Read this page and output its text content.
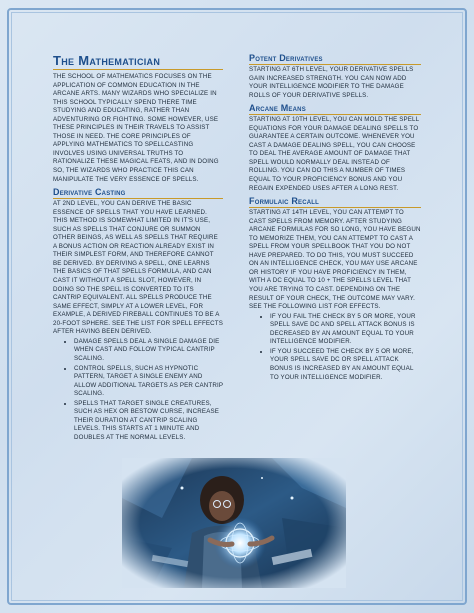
The Mathematician

THE SCHOOL OF MATHEMATICS FOCUSES ON THE APPLICATION OF COMMON EDUCATION IN THE ARCANE ARTS. MANY WIZARDS WHO SPECIALIZE IN THIS SCHOOL TYPICALLY SPEND THERE TIME STUDYING AND EDUCATING, RATHER THAN ADVENTURING OR FIGHTING. SOME HOWEVER, USE THESE PRINCIPLES IN THEIR TRAVELS TO ASSIST THOSE IN NEED. THE CORE PRINCIPLES OF APPLYING MATHEMATICS TO SPELLCASTING INVOLVES USING UNIVERSAL TRUTHS TO RATIONALIZE THESE MAGICAL FEATS, AND IN DOING SO, THE WIZARDS WHO PRACTICE THIS CAN MANIPULATE THE VERY ESSENCE OF SPELLS.

Derivative Casting

AT 2ND LEVEL, YOU CAN DERIVE THE BASIC ESSENCE OF SPELLS THAT YOU HAVE LEARNED. THIS METHOD IS SOMEWHAT LIMITED IN IT'S USE, SUCH AS SPELLS THAT CONJURE OR SUMMON OTHER BEINGS, AS WELL AS SPELLS THAT REQUIRE A BONUS ACTION OR REACTION ALREADY EXIST IN THEIR SIMPLEST FORM, AND THEREFORE CANNOT BE DERIVED. BY DERIVING A SPELL, ONE LEARNS THE BASICS OF THAT SPELLS FORMULA, AND CAN CAST IT WITHOUT A SPELL SLOT, HOWEVER, IN DOING SO THE SPELL IS CONVERTED TO ITS CANTRIP EQUIVALENT. ALL SPELLS PRODUCE THE SAME EFFECT, SIMPLY AT A LOWER LEVEL, FOR EXAMPLE, A DERIVED FIREBALL CONTINUES TO BE A 20-FOOT SPHERE. SEE THE LIST FOR SPELL EFFECTS AFTER HAVING BEEN DERIVED.

• DAMAGE SPELLS DEAL A SINGLE DAMAGE DIE WHEN CAST AND FOLLOW TYPICAL CANTRIP SCALING.
• CONTROL SPELLS, SUCH AS HYPNOTIC PATTERN, TARGET A SINGLE ENEMY AND ALLOW ADDITIONAL TARGETS AS PER CANTRIP SCALING.
• SPELLS THAT TARGET SINGLE CREATURES, SUCH AS HEX OR BESTOW CURSE, INCREASE THEIR DURATION AT CANTRIP SCALING LEVELS. THIS STARTS AT 1 MINUTE AND DOUBLES AT THE NORMAL LEVELS.
Potent Derivatives

STARTING AT 6TH LEVEL, YOUR DERIVATIVE SPELLS GAIN INCREASED STRENGTH. YOU CAN NOW ADD YOUR INTELLIGENCE MODIFIER TO THE DAMAGE ROLLS OF YOUR DERIVATIVE SPELLS.

Arcane Means

STARTING AT 10TH LEVEL, YOU CAN MOLD THE SPELL EQUATIONS FOR YOUR DAMAGE DEALING SPELLS TO GUARANTEE A CERTAIN OUTCOME. WHENEVER YOU CAST A DAMAGE DEALING SPELL, YOU CAN CHOOSE TO DEAL THE AVERAGE AMOUNT OF DAMAGE THAT SPELL WOULD NORMALLY DEAL INSTEAD OF ROLLING. YOU CAN DO THIS A NUMBER OF TIMES EQUAL TO YOUR PROFICIENCY BONUS AND YOU REGAIN EXPENDED USES AFTER A LONG REST.

Formulaic Recall

STARTING AT 14TH LEVEL, YOU CAN ATTEMPT TO CAST SPELLS FROM MEMORY. AFTER STUDYING ARCANE FORMULAS FOR SO LONG, YOU HAVE BEGUN TO MEMORIZE THEM, YOU CAN ATTEMPT TO CAST A SPELL FROM YOUR SPELLBOOK THAT YOU DO NOT HAVE PREPARED. TO DO THIS, YOU MUST SUCCEED ON AN INTELLIGENCE CHECK, YOU MAY USE ARCANE OR HISTORY IF YOU HAVE PROFICIENCY IN THEM, WITH A DC EQUAL TO 10 + THE SPELLS LEVEL THAT YOU ARE TRYING TO CAST. DEPENDING ON THE RESULT OF YOUR CHECK, THE OUTCOME MAY VARY. SEE THE FOLLOWING LIST FOR EFFECTS.

• IF YOU FAIL THE CHECK BY 5 OR MORE, YOUR SPELL SAVE DC AND SPELL ATTACK BONUS IS DECREASED BY AN AMOUNT EQUAL TO YOUR INTELLIGENCE MODIFIER.
• IF YOU SUCCEED THE CHECK BY 5 OR MORE, YOUR SPELL SAVE DC OR SPELL ATTACK BONUS IS INCREASED BY AN AMOUNT EQUAL TO YOUR INTELLIGENCE MODIFIER.
